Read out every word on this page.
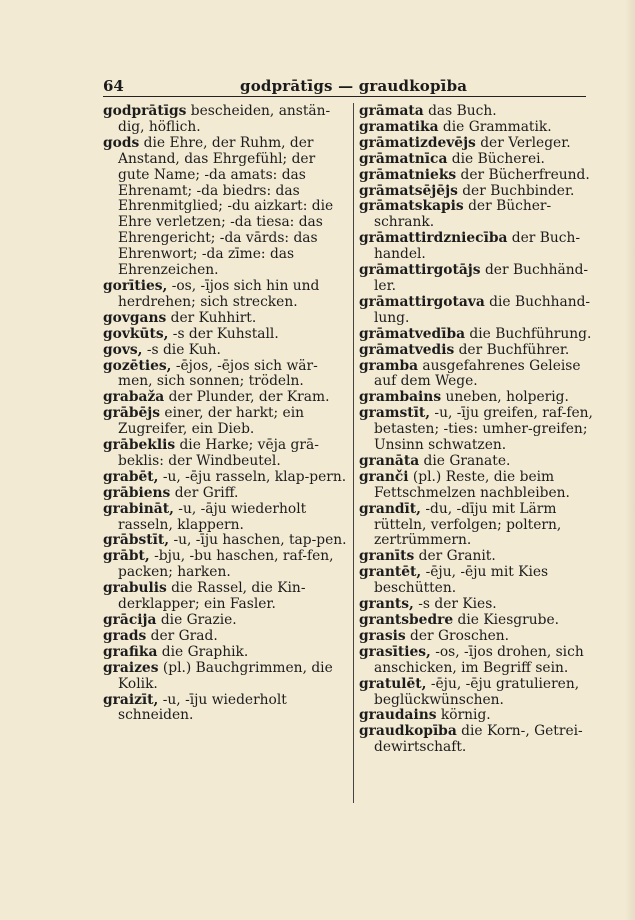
64	godprātīgs — graudkopība

godprātīgs bescheiden, anstän-dig, höflich.

gods die Ehre, der Ruhm, der Anstand, das Ehrgefühl; der gute Name; -da amats: das Ehrenamt; -da biedrs: das Ehrenmitglied; -du aizkart: die Ehre verletzen; -da tiesa: das Ehrengericht; -da vārds: das Ehrenwort; -da zīme: das Ehrenzeichen.

gorīties, -os, -ījos sich hin und herdrehen; sich strecken.

govgans der Kuhhirt.

govkūts, -s der Kuhstall.

govs, -s die Kuh.

gozēties, -ējos, -ējos sich wär-men, sich sonnen; trödeln.

grabaža der Plunder, der Kram.

grābējs einer, der harkt; ein Zugreifer, ein Dieb.

grābeklis die Harke; vēja grā-beklis: der Windbeutel.

grabēt, -u, -ēju rasseln, klap-pern.

grābiens der Griff.

grabināt, -u, -āju wiederholt rasseln, klappern.

grābstīt, -u, -īju haschen, tap-pen.

grābt, -bju, -bu haschen, raf-fen, packen; harken.

grabulis die Rassel, die Kin-derklapper; ein Fasler.

grācija die Grazie.

grads der Grad.

grafika die Graphik.

graizes (pl.) Bauchgrimmen, die Kolik.

graizīt, -u, -īju wiederholt schneiden.

grāmata das Buch.

gramatika die Grammatik.

grāmatizdevējs der Verleger.

grāmatnīca die Bücherei.

grāmatnieks der Bücherfreund.

grāmatsējējs der Buchbinder.

grāmatskapis der Bücher-schrank.

grāmattirdzniecība der Buch-handel.

grāmattirgotājs der Buchhänd-ler.

grāmattirgotava die Buchhand-lung.

grāmatvedība die Buchführung.

grāmatvedis der Buchführer.

gramba ausgefahrenes Geleise auf dem Wege.

grambains uneben, holperig.

gramstīt, -u, -īju greifen, raf-fen, betasten; -ties: umher-greifen; Unsinn schwatzen.

granāta die Granate.

granči (pl.) Reste, die beim Fettschmelzen nachbleiben.

grandīt, -du, -dīju mit Lärm rütteln, verfolgen; poltern, zertrümmern.

granīts der Granit.

grantēt, -ēju, -ēju mit Kies beschütten.

grants, -s der Kies.

grantsbedre die Kiesgrube.

grasis der Groschen.

grasīties, -os, -ījos drohen, sich anschicken, im Begriff sein.

gratulēt, -ēju, -ēju gratulieren, beglückwünschen.

graudains körnig.

graudkopība die Korn-, Getrei-dewirtschaft.
